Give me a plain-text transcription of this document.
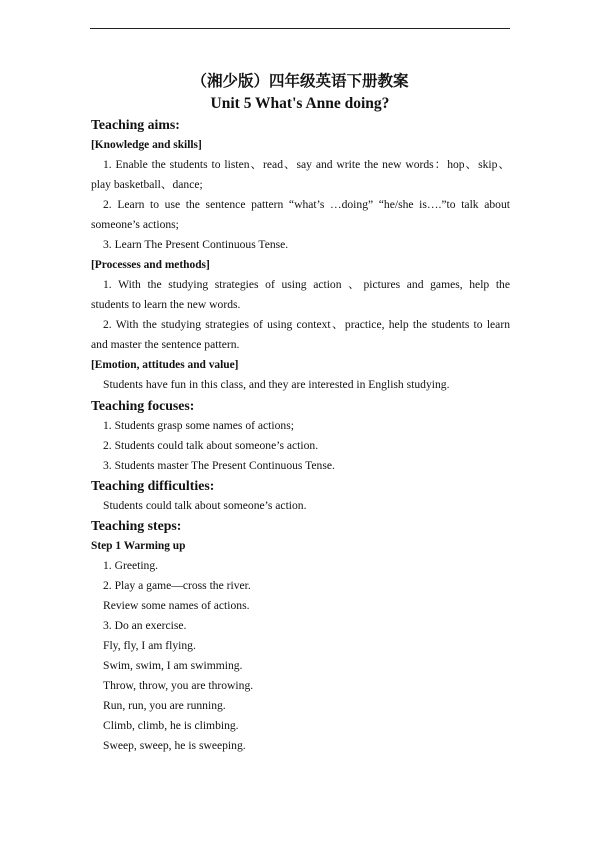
（湘少版）四年级英语下册教案
Unit 5 What's Anne doing?
Teaching aims:
[Knowledge and skills]
1. Enable the students to listen、read、say and write the new words：hop、skip、
play basketball、dance;
2. Learn to use the sentence pattern “what’s …doing” “he/she is….”to talk about
someone’s actions;
3. Learn The Present Continuous Tense.
[Processes and methods]
1. With the studying strategies of using action 、pictures and games, help the
students to learn the new words.
2. With the studying strategies of using context、practice, help the students to learn
and master the sentence pattern.
[Emotion, attitudes and value]
Students have fun in this class, and they are interested in English studying.
Teaching focuses:
1. Students grasp some names of actions;
2. Students could talk about someone’s action.
3. Students master The Present Continuous Tense.
Teaching difficulties:
Students could talk about someone’s action.
Teaching steps:
Step 1 Warming up
1. Greeting.
2. Play a game—cross the river.
Review some names of actions.
3. Do an exercise.
Fly, fly, I am flying.
Swim, swim, I am swimming.
Throw, throw, you are throwing.
Run, run, you are running.
Climb, climb, he is climbing.
Sweep, sweep, he is sweeping.
